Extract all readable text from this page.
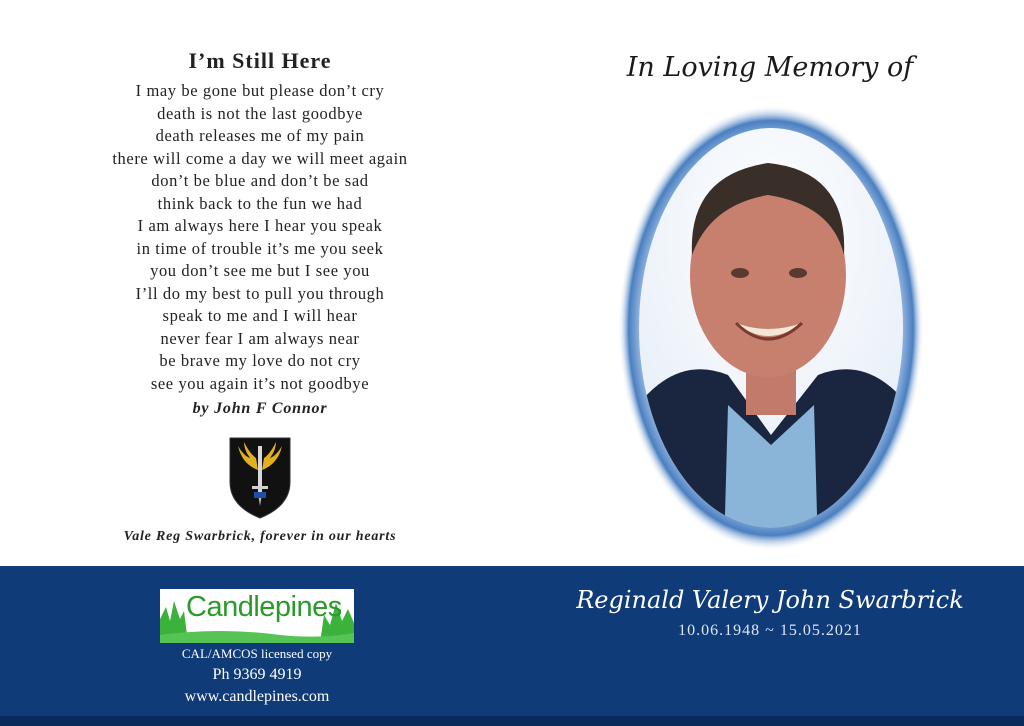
I’m Still Here
I may be gone but please don’t cry
death is not the last goodbye
death releases me of my pain
there will come a day we will meet again
don’t be blue and don’t be sad
think back to the fun we had
I am always here I hear you speak
in time of trouble it’s me you seek
you don’t see me but I see you
I’ll do my best to pull you through
speak to me and I will hear
never fear I am always near
be brave my love do not cry
see you again it’s not goodbye
by John F Connor
Vale Reg Swarbrick, forever in our hearts
In Loving Memory of
Candlepines
CAL/AMCOS licensed copy
Ph 9369 4919
www.candlepines.com
Reginald Valery John Swarbrick
10.06.1948 ~ 15.05.2021
